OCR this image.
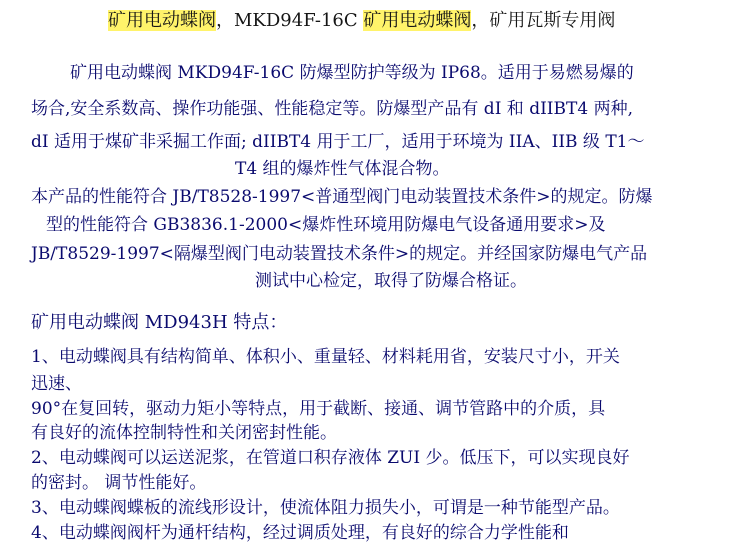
矿用电动蝶阀，MKD94F-16C 矿用电动蝶阀，矿用瓦斯专用阀
矿用电动蝶阀 MKD94F-16C 防爆型防护等级为 IP68。适用于易燃易爆的
场合,安全系数高、操作功能强、性能稳定等。防爆型产品有 dI 和 dIIBT4 两种,
dI 适用于煤矿非采掘工作面; dIIBT4 用于工厂，适用于环境为 IIA、IIB 级 T1～
T4 组的爆炸性气体混合物。
本产品的性能符合 JB/T8528-1997<普通型阀门电动装置技术条件>的规定。防爆
型的性能符合 GB3836.1-2000<爆炸性环境用防爆电气设备通用要求>及
JB/T8529-1997<隔爆型阀门电动装置技术条件>的规定。并经国家防爆电气产品
测试中心检定，取得了防爆合格证。
矿用电动蝶阀 MD943H 特点：
1、电动蝶阀具有结构简单、体积小、重量轻、材料耗用省，安装尺寸小，开关
迅速、
90°在复回转，驱动力矩小等特点，用于截断、接通、调节管路中的介质，具
有良好的流体控制特性和关闭密封性能。
2、电动蝶阀可以运送泥浆，在管道口积存液体 ZUI 少。低压下，可以实现良好
的密封。 调节性能好。
3、电动蝶阀蝶板的流线形设计，使流体阻力损失小，可谓是一种节能型产品。
4、电动蝶阀阀杆为通杆结构，经过调质处理，有良好的综合力学性能和
